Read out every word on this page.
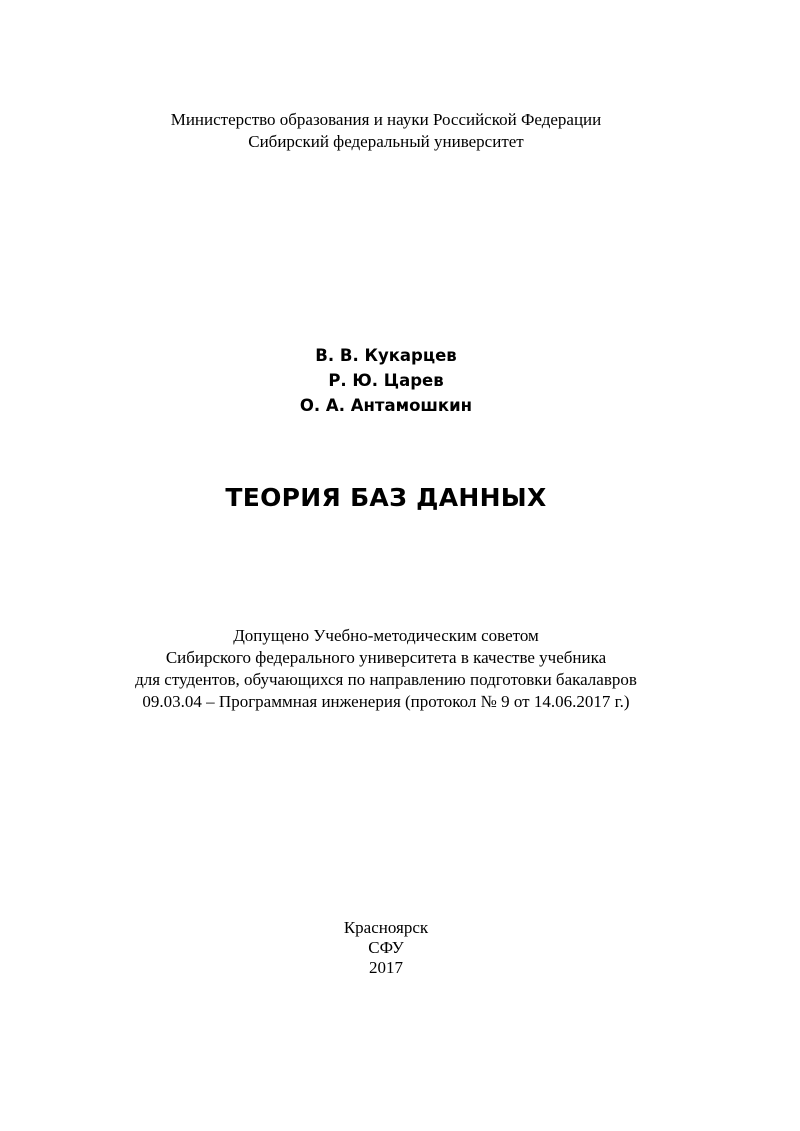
Министерство образования и науки Российской Федерации
Сибирский федеральный университет
В. В. Кукарцев
Р. Ю. Царев
О. А. Антамошкин
ТЕОРИЯ БАЗ ДАННЫХ
Допущено Учебно-методическим советом
Сибирского федерального университета в качестве учебника
для студентов, обучающихся по направлению подготовки бакалавров
09.03.04 – Программная инженерия (протокол № 9 от 14.06.2017 г.)
Красноярск
СФУ
2017
